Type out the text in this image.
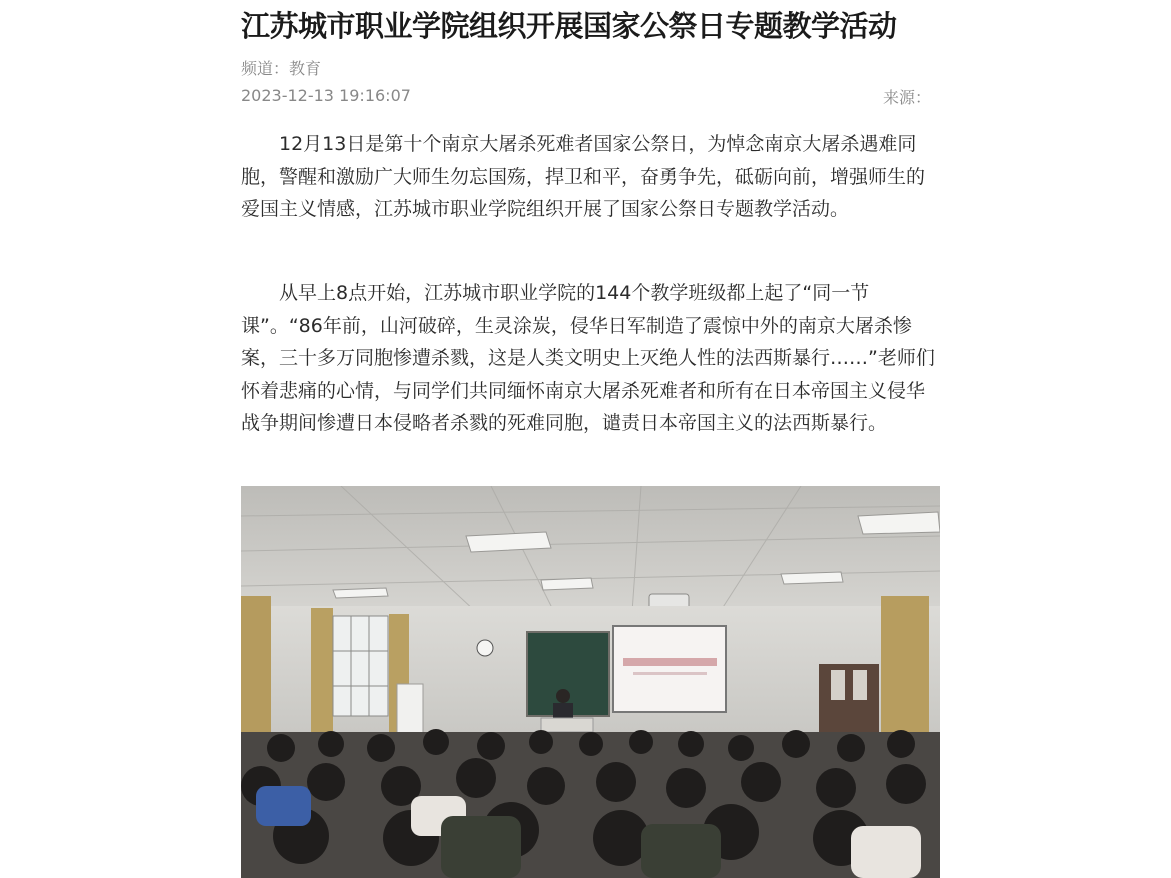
江苏城市职业学院组织开展国家公祭日专题教学活动
频道：教育
2023-12-13 19:16:07	来源：

12月13日是第十个南京大屠杀死难者国家公祭日，为悼念南京大屠杀遇难同胞，警醒和激励广大师生勿忘国殇，捍卫和平，奋勇争先，砥砺向前，增强师生的爱国主义情感，江苏城市职业学院组织开展了国家公祭日专题教学活动。

从早上8点开始，江苏城市职业学院的144个教学班级都上起了“同一节课”。“86年前，山河破碎，生灵涂炭，侵华日军制造了震惊中外的南京大屠杀惨案，三十多万同胞惨遭杀戮，这是人类文明史上灭绝人性的法西斯暴行……”老师们怀着悲痛的心情，与同学们共同缅怀南京大屠杀死难者和所有在日本帝国主义侵华战争期间惨遭日本侵略者杀戮的死难同胞，谴责日本帝国主义的法西斯暴行。
